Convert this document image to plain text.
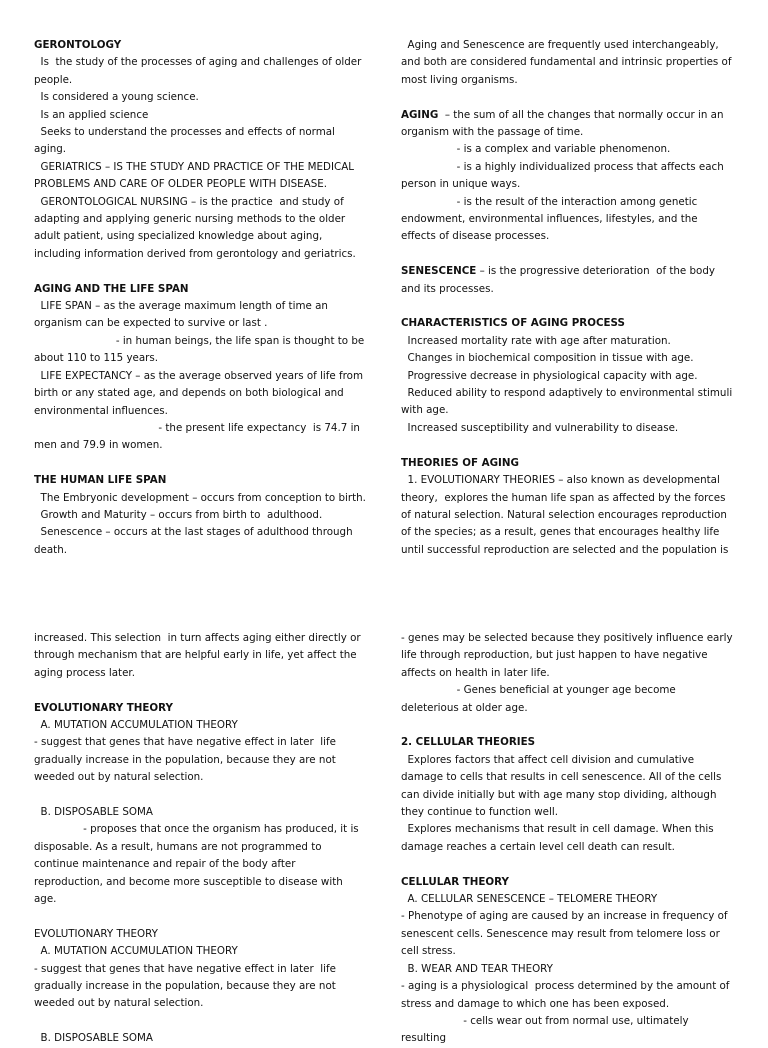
GERONTOLOGY

Is  the study of the processes of aging and challenges of older people.

Is considered a young science.

Is an applied science

Seeks to understand the processes and effects of normal aging.

GERIATRICS – IS THE STUDY AND PRACTICE OF THE MEDICAL PROBLEMS AND CARE OF OLDER PEOPLE WITH DISEASE.

GERONTOLOGICAL NURSING – is the practice  and study of adapting and applying generic nursing methods to the older adult patient, using specialized knowledge about aging, including information derived from gerontology and geriatrics.

AGING AND THE LIFE SPAN

LIFE SPAN – as the average maximum length of time an organism can be expected to survive or last .

- in human beings, the life span is thought to be about 110 to 115 years.

LIFE EXPECTANCY – as the average observed years of life from birth or any stated age, and depends on both biological and environmental influences.

- the present life expectancy  is 74.7 in men and 79.9 in women.

THE HUMAN LIFE SPAN

The Embryonic development – occurs from conception to birth.

Growth and Maturity – occurs from birth to  adulthood.

Senescence – occurs at the last stages of adulthood through death.

Aging and Senescence are frequently used interchangeably, and both are considered fundamental and intrinsic properties of most living organisms.

AGING  – the sum of all the changes that normally occur in an organism with the passage of time.

- is a complex and variable phenomenon.

- is a highly individualized process that affects each person in unique ways.

- is the result of the interaction among genetic endowment, environmental influences, lifestyles, and the effects of disease processes.

SENESCENCE – is the progressive deterioration  of the body and its processes.

CHARACTERISTICS OF AGING PROCESS

Increased mortality rate with age after maturation.

Changes in biochemical composition in tissue with age.

Progressive decrease in physiological capacity with age.

Reduced ability to respond adaptively to environmental stimuli with age.

Increased susceptibility and vulnerability to disease.

THEORIES OF AGING

1. EVOLUTIONARY THEORIES – also known as developmental theory,  explores the human life span as affected by the forces of natural selection. Natural selection encourages reproduction of the species; as a result, genes that encourages healthy life until successful reproduction are selected and the population is

increased. This selection  in turn affects aging either directly or through mechanism that are helpful early in life, yet affect the aging process later.

EVOLUTIONARY THEORY

A. MUTATION ACCUMULATION THEORY

- suggest that genes that have negative effect in later  life gradually increase in the population, because they are not weeded out by natural selection.

B. DISPOSABLE SOMA

- proposes that once the organism has produced, it is disposable. As a result, humans are not programmed to continue maintenance and repair of the body after reproduction, and become more susceptible to disease with age.

EVOLUTIONARY THEORY

A. MUTATION ACCUMULATION THEORY

- suggest that genes that have negative effect in later  life gradually increase in the population, because they are not weeded out by natural selection.

B. DISPOSABLE SOMA

- genes may be selected because they positively influence early life through reproduction, but just happen to have negative affects on health in later life.

- Genes beneficial at younger age become deleterious at older age.

2. CELLULAR THEORIES

Explores factors that affect cell division and cumulative damage to cells that results in cell senescence. All of the cells can divide initially but with age many stop dividing, although they continue to function well.

Explores mechanisms that result in cell damage. When this damage reaches a certain level cell death can result.

CELLULAR THEORY

A. CELLULAR SENESCENCE – TELOMERE THEORY

- Phenotype of aging are caused by an increase in frequency of senescent cells. Senescence may result from telomere loss or cell stress.

B. WEAR AND TEAR THEORY

- aging is a physiological  process determined by the amount of stress and damage to which one has been exposed.

- cells wear out from normal use, ultimately resulting
